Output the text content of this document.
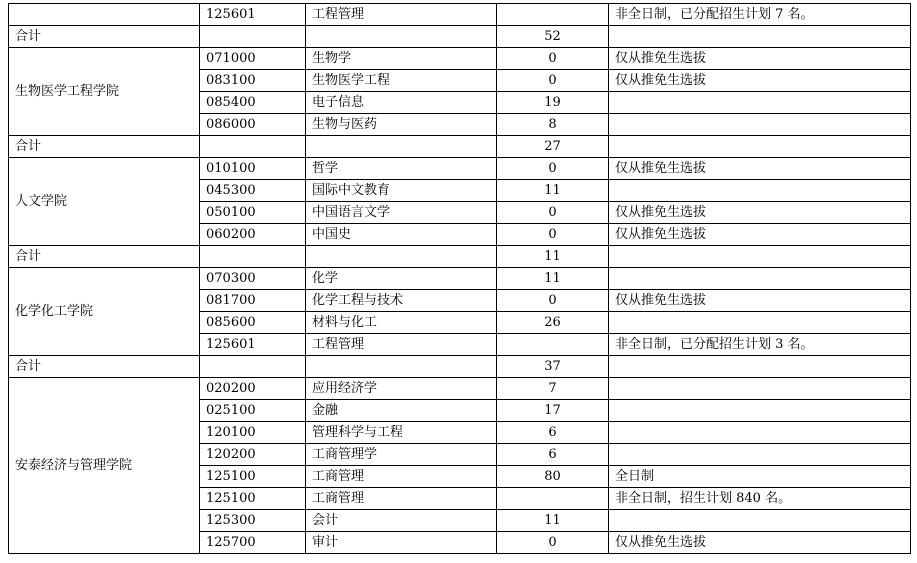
	125601	工程管理		非全日制，已分配招生计划 7 名。
合计			52	
生物医学工程学院	071000	生物学	0	仅从推免生选拔
	083100	生物医学工程	0	仅从推免生选拔
	085400	电子信息	19	
	086000	生物与医药	8	
合计			27	
人文学院	010100	哲学	0	仅从推免生选拔
	045300	国际中文教育	11	
	050100	中国语言文学	0	仅从推免生选拔
	060200	中国史	0	仅从推免生选拔
合计			11	
化学化工学院	070300	化学	11	
	081700	化学工程与技术	0	仅从推免生选拔
	085600	材料与化工	26	
	125601	工程管理		非全日制，已分配招生计划 3 名。
合计			37	
安泰经济与管理学院	020200	应用经济学	7	
	025100	金融	17	
	120100	管理科学与工程	6	
	120200	工商管理学	6	
	125100	工商管理	80	全日制
	125100	工商管理		非全日制，招生计划 840 名。
	125300	会计	11	
	125700	审计	0	仅从推免生选拔
